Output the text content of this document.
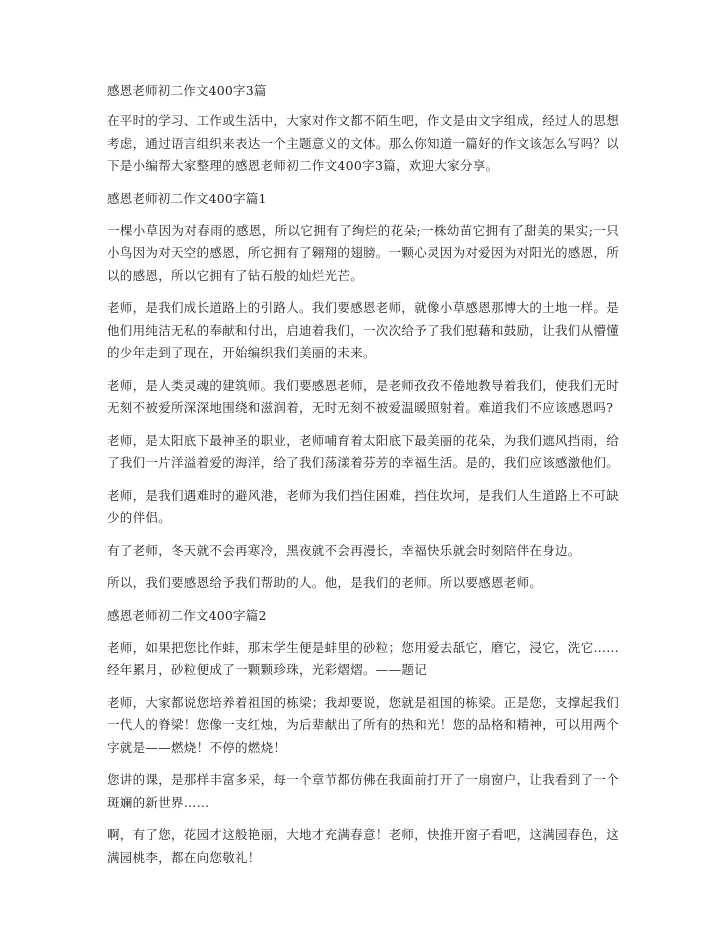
感恩老师初二作文400字3篇

在平时的学习、工作或生活中，大家对作文都不陌生吧，作文是由文字组成，经过人的思想考虑，通过语言组织来表达一个主题意义的文体。那么你知道一篇好的作文该怎么写吗？以下是小编帮大家整理的感恩老师初二作文400字3篇，欢迎大家分享。

感恩老师初二作文400字篇1

一棵小草因为对春雨的感恩，所以它拥有了绚烂的花朵;一株幼苗它拥有了甜美的果实;一只小鸟因为对天空的感恩，所它拥有了翱翔的翅膀。一颗心灵因为对爱因为对阳光的感恩，所以的感恩，所以它拥有了钻石般的灿烂光芒。

老师，是我们成长道路上的引路人。我们要感恩老师，就像小草感恩那博大的土地一样。是他们用纯洁无私的奉献和付出，启迪着我们，一次次给予了我们慰藉和鼓励，让我们从懵懂的少年走到了现在，开始编织我们美丽的未来。

老师，是人类灵魂的建筑师。我们要感恩老师，是老师孜孜不倦地教导着我们，使我们无时无刻不被爱所深深地围绕和滋润着，无时无刻不被爱温暖照射着。难道我们不应该感恩吗?

老师，是太阳底下最神圣的职业，老师哺育着太阳底下最美丽的花朵，为我们遮风挡雨，给了我们一片洋溢着爱的海洋，给了我们荡漾着芬芳的幸福生活。是的，我们应该感激他们。

老师，是我们遇难时的避风港，老师为我们挡住困难，挡住坎坷，是我们人生道路上不可缺少的伴侣。

有了老师，冬天就不会再寒冷，黑夜就不会再漫长，幸福快乐就会时刻陪伴在身边。

所以，我们要感恩给予我们帮助的人。他，是我们的老师。所以要感恩老师。

感恩老师初二作文400字篇2

老师，如果把您比作蚌，那末学生便是蚌里的砂粒；您用爱去舐它，磨它，浸它，洗它……经年累月，砂粒便成了一颗颗珍珠，光彩熠熠。——题记

老师，大家都说您培养着祖国的栋梁；我却要说，您就是祖国的栋梁。正是您，支撑起我们一代人的脊梁！您像一支红烛，为后辈献出了所有的热和光！您的品格和精神，可以用两个字就是——燃烧！不停的燃烧！

您讲的课，是那样丰富多采，每一个章节都仿佛在我面前打开了一扇窗户，让我看到了一个斑斓的新世界……

啊，有了您，花园才这般艳丽，大地才充满春意！老师，快推开窗子看吧，这满园春色，这满园桃李，都在向您敬礼！
